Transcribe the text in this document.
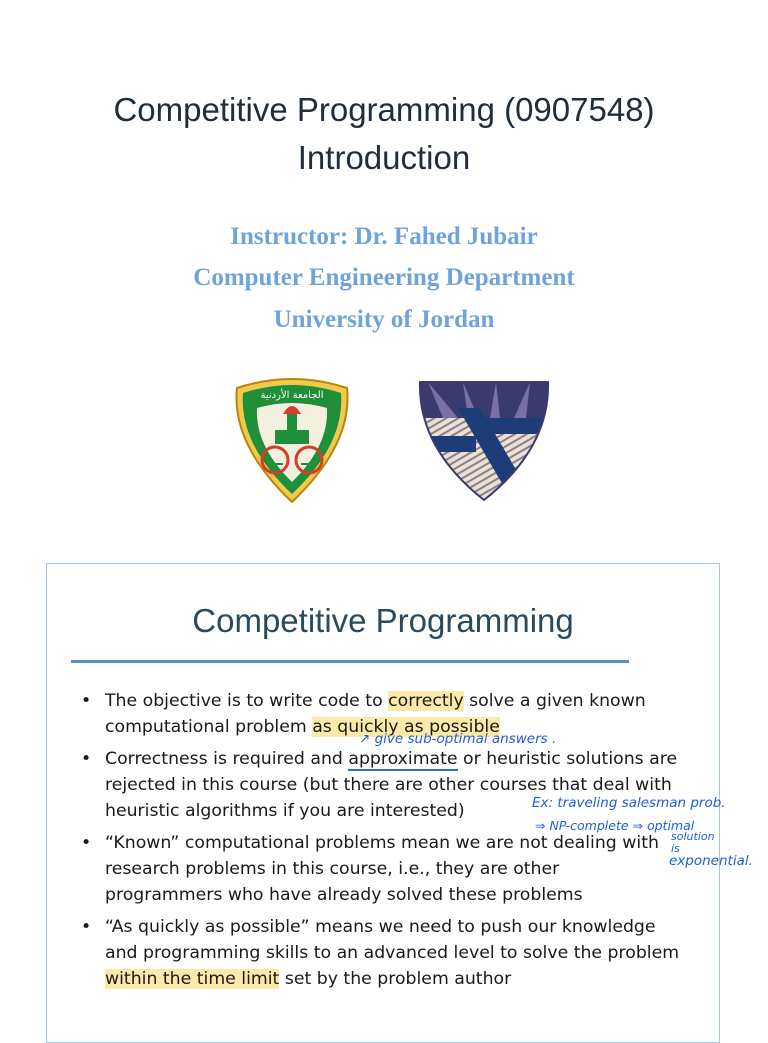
Competitive Programming (0907548)
Introduction
Instructor: Dr. Fahed Jubair
Computer Engineering Department
University of Jordan
الجامعة الأردنية
Competitive Programming
• The objective is to write code to correctly solve a given known computational problem as quickly as possible
• Correctness is required and approximate or heuristic solutions are rejected in this course (but there are other courses that deal with heuristic algorithms if you are interested)
• “Known” computational problems mean we are not dealing with research problems in this course, i.e., they are other programmers who have already solved these problems
• “As quickly as possible” means we need to push our knowledge and programming skills to an advanced level to solve the problem within the time limit set by the problem author
↗ give sub-optimal answers .
Ex: traveling salesman prob.
⇒ NP-complete ⇒ optimal
solution
is
exponential.
